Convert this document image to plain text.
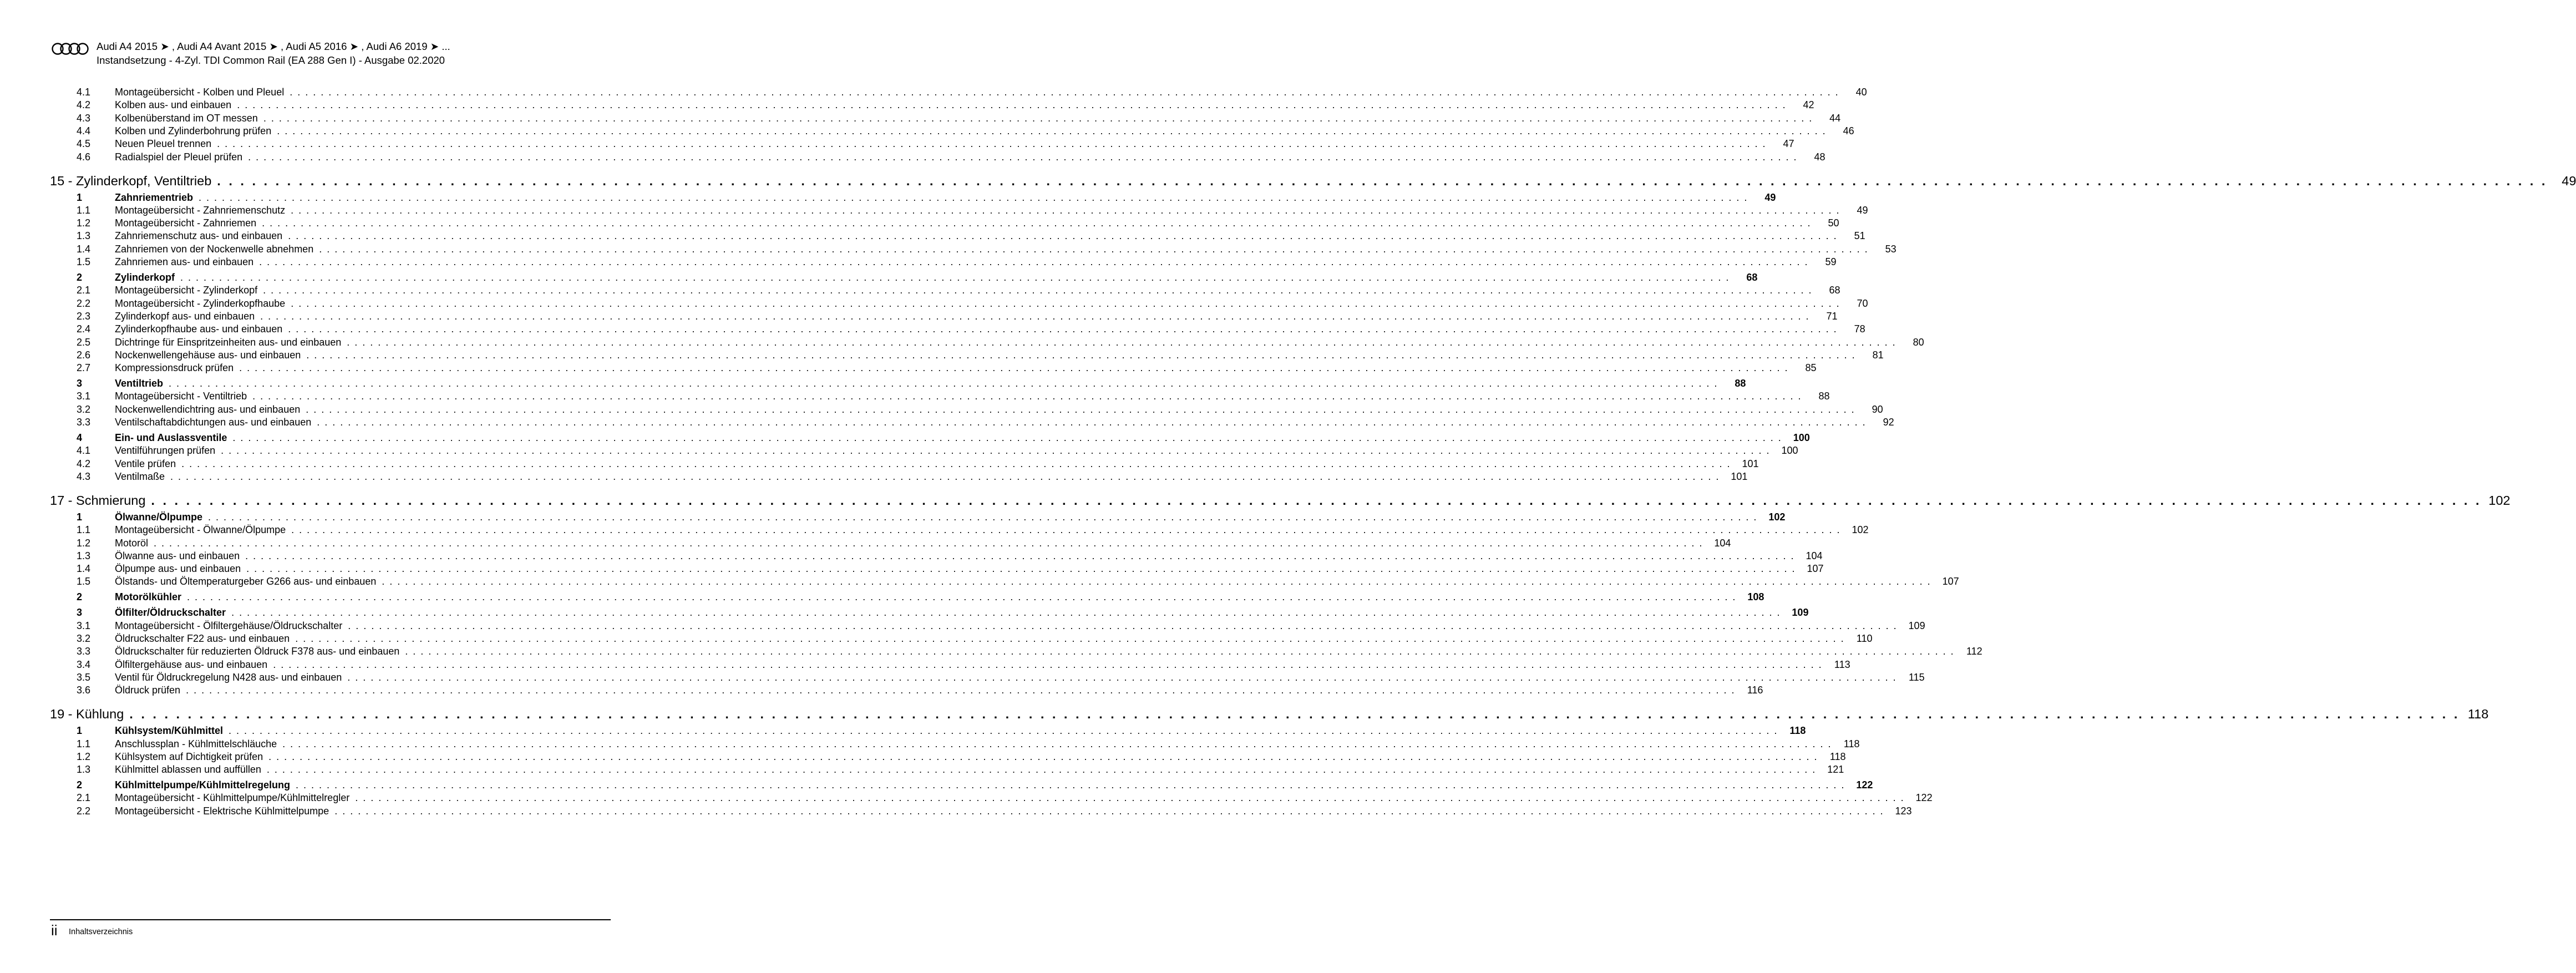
Audi A4 2015 ➤ , Audi A4 Avant 2015 ➤ , Audi A5 2016 ➤ , Audi A6 2019 ➤ ...
Instandsetzung - 4-Zyl. TDI Common Rail (EA 288 Gen I) - Ausgabe 02.2020
4.1 Montageübersicht - Kolben und Pleuel . . . . . . . . . . . . . . . . . . . . . . . . . . . . . . . . . . . . . . . . . . . . . . . . . . . . . . . . . . . . . . . . . . . . . . . . . . . . . . . . . . . . . . . . . . . . . . . . . . . . . . . . . . . . . . . . . . . . . . . . . . . . . . . . . . . . . . . . . . . . . . . . . . . . . . . . . . . . . . . . . . . . . . . . . . . . . . . . . . . . . . . . . . . . . . . . . . . . . . . .	40
4.2 Kolben aus- und einbauen . . . . . . . . . . . . . . . . . . . . . . . . . . . . . . . . . . . . . . . . . . . . . . . . . . . . . . . . . . . . . . . . . . . . . . . . . . . . . . . . . . . . . . . . . . . . . . . . . . . . . . . . . . . . . . . . . . . . . . . . . . . . . . . . . . . . . . . . . . . . . . . . . . . . . . . . . . . . . . . . . . . . . . . . . . . . . . . . . . . . . . . . . . . . . . . . . . . . . . . .	42
4.3 Kolbenüberstand im OT messen . . . . . . . . . . . . . . . . . . . . . . . . . . . . . . . . . . . . . . . . . . . . . . . . . . . . . . . . . . . . . . . . . . . . . . . . . . . . . . . . . . . . . . . . . . . . . . . . . . . . . . . . . . . . . . . . . . . . . . . . . . . . . . . . . . . . . . . . . . . . . . . . . . . . . . . . . . . . . . . . . . . . . . . . . . . . . . . . . . . . . . . . . . . . . . . . . . . . . . . .	44
4.4 Kolben und Zylinderbohrung prüfen . . . . . . . . . . . . . . . . . . . . . . . . . . . . . . . . . . . . . . . . . . . . . . . . . . . . . . . . . . . . . . . . . . . . . . . . . . . . . . . . . . . . . . . . . . . . . . . . . . . . . . . . . . . . . . . . . . . . . . . . . . . . . . . . . . . . . . . . . . . . . . . . . . . . . . . . . . . . . . . . . . . . . . . . . . . . . . . . . . . . . . . . . . . . . . . . . . . . . . . .	46
4.5 Neuen Pleuel trennen . . . . . . . . . . . . . . . . . . . . . . . . . . . . . . . . . . . . . . . . . . . . . . . . . . . . . . . . . . . . . . . . . . . . . . . . . . . . . . . . . . . . . . . . . . . . . . . . . . . . . . . . . . . . . . . . . . . . . . . . . . . . . . . . . . . . . . . . . . . . . . . . . . . . . . . . . . . . . . . . . . . . . . . . . . . . . . . . . . . . . . . . . . . . . . . . . . . . . . . .	47
4.6 Radialspiel der Pleuel prüfen . . . . . . . . . . . . . . . . . . . . . . . . . . . . . . . . . . . . . . . . . . . . . . . . . . . . . . . . . . . . . . . . . . . . . . . . . . . . . . . . . . . . . . . . . . . . . . . . . . . . . . . . . . . . . . . . . . . . . . . . . . . . . . . . . . . . . . . . . . . . . . . . . . . . . . . . . . . . . . . . . . . . . . . . . . . . . . . . . . . . . . . . . . . . . . . . . . . . . . . .	48
15 - Zylinderkopf, Ventiltrieb . . . . . . . . . . . . . . . . . . . . . . . . . . . . . . . . . . . . . . . . . . . . . . . . . . . . . . . . . . . . . . . . . . . . . . . . . . . . . . . . . . . . . . . . . . . . . . . . . . . . . . . . . . . . . . . . . . . . . . . . . . . . . . . . . . . . . . . . . . . . . . . . . . . . . . . . . . . . . . . . . . . . . . . . . . . . . . . . . . . . . . . . . . . . . . . . . . . . . . . .	49
1	Zahnriementrieb . . . . . . . . . . . . . . . . . . . . . . . . . . . . . . . . . . . . . . . . . . . . . . . . . . . . . . . . . . . . . . . . . . . . . . . . . . . . . . . . . . . . . . . . . . . . . . . . . . . . . . . . . . . . . . . . . . . . . . . . . . . . . . . . . . . . . . . . . . . . . . . . . . . . . . . . . . . . . . . . . . . . . . . . . . . . . . . . . . . . . . . . . . . . . . . . . . . . . . . .	49
1.1 Montageübersicht - Zahnriemenschutz . . . . . . . . . . . . . . . . . . . . . . . . . . . . . . . . . . . . . . . . . . . . . . . . . . . . . . . . . . . . . . . . . . . . . . . . . . . . . . . . . . . . . . . . . . . . . . . . . . . . . . . . . . . . . . . . . . . . . . . . . . . . . . . . . . . . . . . . . . . . . . . . . . . . . . . . . . . . . . . . . . . . . . . . . . . . . . . . . . . . . . . . . . . . . . . . . . . . . . . .	49
1.2 Montageübersicht - Zahnriemen . . . . . . . . . . . . . . . . . . . . . . . . . . . . . . . . . . . . . . . . . . . . . . . . . . . . . . . . . . . . . . . . . . . . . . . . . . . . . . . . . . . . . . . . . . . . . . . . . . . . . . . . . . . . . . . . . . . . . . . . . . . . . . . . . . . . . . . . . . . . . . . . . . . . . . . . . . . . . . . . . . . . . . . . . . . . . . . . . . . . . . . . . . . . . . . . . . . . . . . .	50
1.3 Zahnriemenschutz aus- und einbauen . . . . . . . . . . . . . . . . . . . . . . . . . . . . . . . . . . . . . . . . . . . . . . . . . . . . . . . . . . . . . . . . . . . . . . . . . . . . . . . . . . . . . . . . . . . . . . . . . . . . . . . . . . . . . . . . . . . . . . . . . . . . . . . . . . . . . . . . . . . . . . . . . . . . . . . . . . . . . . . . . . . . . . . . . . . . . . . . . . . . . . . . . . . . . . . . . . . . . . . .	51
1.4 Zahnriemen von der Nockenwelle abnehmen . . . . . . . . . . . . . . . . . . . . . . . . . . . . . . . . . . . . . . . . . . . . . . . . . . . . . . . . . . . . . . . . . . . . . . . . . . . . . . . . . . . . . . . . . . . . . . . . . . . . . . . . . . . . . . . . . . . . . . . . . . . . . . . . . . . . . . . . . . . . . . . . . . . . . . . . . . . . . . . . . . . . . . . . . . . . . . . . . . . . . . . . . . . . . . . . . . . . . . . .	53
1.5 Zahnriemen aus- und einbauen . . . . . . . . . . . . . . . . . . . . . . . . . . . . . . . . . . . . . . . . . . . . . . . . . . . . . . . . . . . . . . . . . . . . . . . . . . . . . . . . . . . . . . . . . . . . . . . . . . . . . . . . . . . . . . . . . . . . . . . . . . . . . . . . . . . . . . . . . . . . . . . . . . . . . . . . . . . . . . . . . . . . . . . . . . . . . . . . . . . . . . . . . . . . . . . . . . . . . . . .	59
2	Zylinderkopf . . . . . . . . . . . . . . . . . . . . . . . . . . . . . . . . . . . . . . . . . . . . . . . . . . . . . . . . . . . . . . . . . . . . . . . . . . . . . . . . . . . . . . . . . . . . . . . . . . . . . . . . . . . . . . . . . . . . . . . . . . . . . . . . . . . . . . . . . . . . . . . . . . . . . . . . . . . . . . . . . . . . . . . . . . . . . . . . . . . . . . . . . . . . . . . . . . . . . . . .	68
2.1 Montageübersicht - Zylinderkopf . . . . . . . . . . . . . . . . . . . . . . . . . . . . . . . . . . . . . . . . . . . . . . . . . . . . . . . . . . . . . . . . . . . . . . . . . . . . . . . . . . . . . . . . . . . . . . . . . . . . . . . . . . . . . . . . . . . . . . . . . . . . . . . . . . . . . . . . . . . . . . . . . . . . . . . . . . . . . . . . . . . . . . . . . . . . . . . . . . . . . . . . . . . . . . . . . . . . . . . .	68
2.2 Montageübersicht - Zylinderkopfhaube . . . . . . . . . . . . . . . . . . . . . . . . . . . . . . . . . . . . . . . . . . . . . . . . . . . . . . . . . . . . . . . . . . . . . . . . . . . . . . . . . . . . . . . . . . . . . . . . . . . . . . . . . . . . . . . . . . . . . . . . . . . . . . . . . . . . . . . . . . . . . . . . . . . . . . . . . . . . . . . . . . . . . . . . . . . . . . . . . . . . . . . . . . . . . . . . . . . . . . . .	70
2.3 Zylinderkopf aus- und einbauen . . . . . . . . . . . . . . . . . . . . . . . . . . . . . . . . . . . . . . . . . . . . . . . . . . . . . . . . . . . . . . . . . . . . . . . . . . . . . . . . . . . . . . . . . . . . . . . . . . . . . . . . . . . . . . . . . . . . . . . . . . . . . . . . . . . . . . . . . . . . . . . . . . . . . . . . . . . . . . . . . . . . . . . . . . . . . . . . . . . . . . . . . . . . . . . . . . . . . . . .	71
2.4 Zylinderkopfhaube aus- und einbauen . . . . . . . . . . . . . . . . . . . . . . . . . . . . . . . . . . . . . . . . . . . . . . . . . . . . . . . . . . . . . . . . . . . . . . . . . . . . . . . . . . . . . . . . . . . . . . . . . . . . . . . . . . . . . . . . . . . . . . . . . . . . . . . . . . . . . . . . . . . . . . . . . . . . . . . . . . . . . . . . . . . . . . . . . . . . . . . . . . . . . . . . . . . . . . . . . . . . . . . .	78
2.5 Dichtringe für Einspritzeinheiten aus- und einbauen . . . . . . . . . . . . . . . . . . . . . . . . . . . . . . . . . . . . . . . . . . . . . . . . . . . . . . . . . . . . . . . . . . . . . . . . . . . . . . . . . . . . . . . . . . . . . . . . . . . . . . . . . . . . . . . . . . . . . . . . . . . . . . . . . . . . . . . . . . . . . . . . . . . . . . . . . . . . . . . . . . . . . . . . . . . . . . . . . . . . . . . . . . . . . . . . . . . . . . . .	80
2.6 Nockenwellengehäuse aus- und einbauen . . . . . . . . . . . . . . . . . . . . . . . . . . . . . . . . . . . . . . . . . . . . . . . . . . . . . . . . . . . . . . . . . . . . . . . . . . . . . . . . . . . . . . . . . . . . . . . . . . . . . . . . . . . . . . . . . . . . . . . . . . . . . . . . . . . . . . . . . . . . . . . . . . . . . . . . . . . . . . . . . . . . . . . . . . . . . . . . . . . . . . . . . . . . . . . . . . . . . . . .	81
2.7 Kompressionsdruck prüfen . . . . . . . . . . . . . . . . . . . . . . . . . . . . . . . . . . . . . . . . . . . . . . . . . . . . . . . . . . . . . . . . . . . . . . . . . . . . . . . . . . . . . . . . . . . . . . . . . . . . . . . . . . . . . . . . . . . . . . . . . . . . . . . . . . . . . . . . . . . . . . . . . . . . . . . . . . . . . . . . . . . . . . . . . . . . . . . . . . . . . . . . . . . . . . . . . . . . . . . .	85
3	Ventiltrieb . . . . . . . . . . . . . . . . . . . . . . . . . . . . . . . . . . . . . . . . . . . . . . . . . . . . . . . . . . . . . . . . . . . . . . . . . . . . . . . . . . . . . . . . . . . . . . . . . . . . . . . . . . . . . . . . . . . . . . . . . . . . . . . . . . . . . . . . . . . . . . . . . . . . . . . . . . . . . . . . . . . . . . . . . . . . . . . . . . . . . . . . . . . . . . . . . . . . . . . .	88
3.1 Montageübersicht - Ventiltrieb . . . . . . . . . . . . . . . . . . . . . . . . . . . . . . . . . . . . . . . . . . . . . . . . . . . . . . . . . . . . . . . . . . . . . . . . . . . . . . . . . . . . . . . . . . . . . . . . . . . . . . . . . . . . . . . . . . . . . . . . . . . . . . . . . . . . . . . . . . . . . . . . . . . . . . . . . . . . . . . . . . . . . . . . . . . . . . . . . . . . . . . . . . . . . . . . . . . . . . . .	88
3.2 Nockenwellendichtring aus- und einbauen . . . . . . . . . . . . . . . . . . . . . . . . . . . . . . . . . . . . . . . . . . . . . . . . . . . . . . . . . . . . . . . . . . . . . . . . . . . . . . . . . . . . . . . . . . . . . . . . . . . . . . . . . . . . . . . . . . . . . . . . . . . . . . . . . . . . . . . . . . . . . . . . . . . . . . . . . . . . . . . . . . . . . . . . . . . . . . . . . . . . . . . . . . . . . . . . . . . . . . . .	90
3.3 Ventilschaftabdichtungen aus- und einbauen . . . . . . . . . . . . . . . . . . . . . . . . . . . . . . . . . . . . . . . . . . . . . . . . . . . . . . . . . . . . . . . . . . . . . . . . . . . . . . . . . . . . . . . . . . . . . . . . . . . . . . . . . . . . . . . . . . . . . . . . . . . . . . . . . . . . . . . . . . . . . . . . . . . . . . . . . . . . . . . . . . . . . . . . . . . . . . . . . . . . . . . . . . . . . . . . . . . . . . . .	92
4	Ein- und Auslassventile . . . . . . . . . . . . . . . . . . . . . . . . . . . . . . . . . . . . . . . . . . . . . . . . . . . . . . . . . . . . . . . . . . . . . . . . . . . . . . . . . . . . . . . . . . . . . . . . . . . . . . . . . . . . . . . . . . . . . . . . . . . . . . . . . . . . . . . . . . . . . . . . . . . . . . . . . . . . . . . . . . . . . . . . . . . . . . . . . . . . . . . . . . . . . . . . . . . . . . . .	100
4.1 Ventilführungen prüfen . . . . . . . . . . . . . . . . . . . . . . . . . . . . . . . . . . . . . . . . . . . . . . . . . . . . . . . . . . . . . . . . . . . . . . . . . . . . . . . . . . . . . . . . . . . . . . . . . . . . . . . . . . . . . . . . . . . . . . . . . . . . . . . . . . . . . . . . . . . . . . . . . . . . . . . . . . . . . . . . . . . . . . . . . . . . . . . . . . . . . . . . . . . . . . . . . . . . . . . .	100
4.2 Ventile prüfen . . . . . . . . . . . . . . . . . . . . . . . . . . . . . . . . . . . . . . . . . . . . . . . . . . . . . . . . . . . . . . . . . . . . . . . . . . . . . . . . . . . . . . . . . . . . . . . . . . . . . . . . . . . . . . . . . . . . . . . . . . . . . . . . . . . . . . . . . . . . . . . . . . . . . . . . . . . . . . . . . . . . . . . . . . . . . . . . . . . . . . . . . . . . . . . . . . . . . . . .	101
4.3 Ventilmaße . . . . . . . . . . . . . . . . . . . . . . . . . . . . . . . . . . . . . . . . . . . . . . . . . . . . . . . . . . . . . . . . . . . . . . . . . . . . . . . . . . . . . . . . . . . . . . . . . . . . . . . . . . . . . . . . . . . . . . . . . . . . . . . . . . . . . . . . . . . . . . . . . . . . . . . . . . . . . . . . . . . . . . . . . . . . . . . . . . . . . . . . . . . . . . . . . . . . . . . .	101
17 - Schmierung . . . . . . . . . . . . . . . . . . . . . . . . . . . . . . . . . . . . . . . . . . . . . . . . . . . . . . . . . . . . . . . . . . . . . . . . . . . . . . . . . . . . . . . . . . . . . . . . . . . . . . . . . . . . . . . . . . . . . . . . . . . . . . . . . . . . . . . . . . . . . . . . . . . . . . . . . . . . . . . . . . . . . . . . . . . . . . . . . . . . . . . . . . . . . . . . . . . . . . . . 102
1	Ölwanne/Ölpumpe . . . . . . . . . . . . . . . . . . . . . . . . . . . . . . . . . . . . . . . . . . . . . . . . . . . . . . . . . . . . . . . . . . . . . . . . . . . . . . . . . . . . . . . . . . . . . . . . . . . . . . . . . . . . . . . . . . . . . . . . . . . . . . . . . . . . . . . . . . . . . . . . . . . . . . . . . . . . . . . . . . . . . . . . . . . . . . . . . . . . . . . . . . . . . . . . . . . . . . . .	102
1.1 Montageübersicht - Ölwanne/Ölpumpe . . . . . . . . . . . . . . . . . . . . . . . . . . . . . . . . . . . . . . . . . . . . . . . . . . . . . . . . . . . . . . . . . . . . . . . . . . . . . . . . . . . . . . . . . . . . . . . . . . . . . . . . . . . . . . . . . . . . . . . . . . . . . . . . . . . . . . . . . . . . . . . . . . . . . . . . . . . . . . . . . . . . . . . . . . . . . . . . . . . . . . . . . . . . . . . . . . . . . . . .	102
1.2 Motoröl . . . . . . . . . . . . . . . . . . . . . . . . . . . . . . . . . . . . . . . . . . . . . . . . . . . . . . . . . . . . . . . . . . . . . . . . . . . . . . . . . . . . . . . . . . . . . . . . . . . . . . . . . . . . . . . . . . . . . . . . . . . . . . . . . . . . . . . . . . . . . . . . . . . . . . . . . . . . . . . . . . . . . . . . . . . . . . . . . . . . . . . . . . . . . . . . . . . . . . . .	104
1.3 Ölwanne aus- und einbauen . . . . . . . . . . . . . . . . . . . . . . . . . . . . . . . . . . . . . . . . . . . . . . . . . . . . . . . . . . . . . . . . . . . . . . . . . . . . . . . . . . . . . . . . . . . . . . . . . . . . . . . . . . . . . . . . . . . . . . . . . . . . . . . . . . . . . . . . . . . . . . . . . . . . . . . . . . . . . . . . . . . . . . . . . . . . . . . . . . . . . . . . . . . . . . . . . . . . . . . .	104
1.4 Ölpumpe aus- und einbauen . . . . . . . . . . . . . . . . . . . . . . . . . . . . . . . . . . . . . . . . . . . . . . . . . . . . . . . . . . . . . . . . . . . . . . . . . . . . . . . . . . . . . . . . . . . . . . . . . . . . . . . . . . . . . . . . . . . . . . . . . . . . . . . . . . . . . . . . . . . . . . . . . . . . . . . . . . . . . . . . . . . . . . . . . . . . . . . . . . . . . . . . . . . . . . . . . . . . . . . .	107
1.5 Ölstands- und Öltemperaturgeber G266 aus- und einbauen . . . . . . . . . . . . . . . . . . . . . . . . . . . . . . . . . . . . . . . . . . . . . . . . . . . . . . . . . . . . . . . . . . . . . . . . . . . . . . . . . . . . . . . . . . . . . . . . . . . . . . . . . . . . . . . . . . . . . . . . . . . . . . . . . . . . . . . . . . . . . . . . . . . . . . . . . . . . . . . . . . . . . . . . . . . . . . . . . . . . . . . . . . . . . . . . . . . . . . . .	107
2	Motorölkühler . . . . . . . . . . . . . . . . . . . . . . . . . . . . . . . . . . . . . . . . . . . . . . . . . . . . . . . . . . . . . . . . . . . . . . . . . . . . . . . . . . . . . . . . . . . . . . . . . . . . . . . . . . . . . . . . . . . . . . . . . . . . . . . . . . . . . . . . . . . . . . . . . . . . . . . . . . . . . . . . . . . . . . . . . . . . . . . . . . . . . . . . . . . . . . . . . . . . . . . .	108
3	Ölfilter/Öldruckschalter . . . . . . . . . . . . . . . . . . . . . . . . . . . . . . . . . . . . . . . . . . . . . . . . . . . . . . . . . . . . . . . . . . . . . . . . . . . . . . . . . . . . . . . . . . . . . . . . . . . . . . . . . . . . . . . . . . . . . . . . . . . . . . . . . . . . . . . . . . . . . . . . . . . . . . . . . . . . . . . . . . . . . . . . . . . . . . . . . . . . . . . . . . . . . . . . . . . . . . . .	109
3.1 Montageübersicht - Ölfiltergehäuse/Öldruckschalter . . . . . . . . . . . . . . . . . . . . . . . . . . . . . . . . . . . . . . . . . . . . . . . . . . . . . . . . . . . . . . . . . . . . . . . . . . . . . . . . . . . . . . . . . . . . . . . . . . . . . . . . . . . . . . . . . . . . . . . . . . . . . . . . . . . . . . . . . . . . . . . . . . . . . . . . . . . . . . . . . . . . . . . . . . . . . . . . . . . . . . . . . . . . . . . . . . . . . . . .	109
3.2 Öldruckschalter F22 aus- und einbauen . . . . . . . . . . . . . . . . . . . . . . . . . . . . . . . . . . . . . . . . . . . . . . . . . . . . . . . . . . . . . . . . . . . . . . . . . . . . . . . . . . . . . . . . . . . . . . . . . . . . . . . . . . . . . . . . . . . . . . . . . . . . . . . . . . . . . . . . . . . . . . . . . . . . . . . . . . . . . . . . . . . . . . . . . . . . . . . . . . . . . . . . . . . . . . . . . . . . . . . .	110
3.3 Öldruckschalter für reduzierten Öldruck F378 aus- und einbauen . . . . . . . . . . . . . . . . . . . . . . . . . . . . . . . . . . . . . . . . . . . . . . . . . . . . . . . . . . . . . . . . . . . . . . . . . . . . . . . . . . . . . . . . . . . . . . . . . . . . . . . . . . . . . . . . . . . . . . . . . . . . . . . . . . . . . . . . . . . . . . . . . . . . . . . . . . . . . . . . . . . . . . . . . . . . . . . . . . . . . . . . . . . . . . . . . . . . . . . .	112
3.4 Ölfiltergehäuse aus- und einbauen . . . . . . . . . . . . . . . . . . . . . . . . . . . . . . . . . . . . . . . . . . . . . . . . . . . . . . . . . . . . . . . . . . . . . . . . . . . . . . . . . . . . . . . . . . . . . . . . . . . . . . . . . . . . . . . . . . . . . . . . . . . . . . . . . . . . . . . . . . . . . . . . . . . . . . . . . . . . . . . . . . . . . . . . . . . . . . . . . . . . . . . . . . . . . . . . . . . . . . . .	113
3.5 Ventil für Öldruckregelung N428 aus- und einbauen . . . . . . . . . . . . . . . . . . . . . . . . . . . . . . . . . . . . . . . . . . . . . . . . . . . . . . . . . . . . . . . . . . . . . . . . . . . . . . . . . . . . . . . . . . . . . . . . . . . . . . . . . . . . . . . . . . . . . . . . . . . . . . . . . . . . . . . . . . . . . . . . . . . . . . . . . . . . . . . . . . . . . . . . . . . . . . . . . . . . . . . . . . . . . . . . . . . . . . . .	115
3.6 Öldruck prüfen . . . . . . . . . . . . . . . . . . . . . . . . . . . . . . . . . . . . . . . . . . . . . . . . . . . . . . . . . . . . . . . . . . . . . . . . . . . . . . . . . . . . . . . . . . . . . . . . . . . . . . . . . . . . . . . . . . . . . . . . . . . . . . . . . . . . . . . . . . . . . . . . . . . . . . . . . . . . . . . . . . . . . . . . . . . . . . . . . . . . . . . . . . . . . . . . . . . . . . . .	116
19 - Kühlung . . . . . . . . . . . . . . . . . . . . . . . . . . . . . . . . . . . . . . . . . . . . . . . . . . . . . . . . . . . . . . . . . . . . . . . . . . . . . . . . . . . . . . . . . . . . . . . . . . . . . . . . . . . . . . . . . . . . . . . . . . . . . . . . . . . . . . . . . . . . . . . . . . . . . . . . . . . . . . . . . . . . . . . . . . . . . . . . . . . . . . . . . . . . . . . . . . . . . . . . 118
1	Kühlsystem/Kühlmittel . . . . . . . . . . . . . . . . . . . . . . . . . . . . . . . . . . . . . . . . . . . . . . . . . . . . . . . . . . . . . . . . . . . . . . . . . . . . . . . . . . . . . . . . . . . . . . . . . . . . . . . . . . . . . . . . . . . . . . . . . . . . . . . . . . . . . . . . . . . . . . . . . . . . . . . . . . . . . . . . . . . . . . . . . . . . . . . . . . . . . . . . . . . . . . . . . . . . . . . .	118
1.1 Anschlussplan - Kühlmittelschläuche . . . . . . . . . . . . . . . . . . . . . . . . . . . . . . . . . . . . . . . . . . . . . . . . . . . . . . . . . . . . . . . . . . . . . . . . . . . . . . . . . . . . . . . . . . . . . . . . . . . . . . . . . . . . . . . . . . . . . . . . . . . . . . . . . . . . . . . . . . . . . . . . . . . . . . . . . . . . . . . . . . . . . . . . . . . . . . . . . . . . . . . . . . . . . . . . . . . . . . . .	118
1.2 Kühlsystem auf Dichtigkeit prüfen . . . . . . . . . . . . . . . . . . . . . . . . . . . . . . . . . . . . . . . . . . . . . . . . . . . . . . . . . . . . . . . . . . . . . . . . . . . . . . . . . . . . . . . . . . . . . . . . . . . . . . . . . . . . . . . . . . . . . . . . . . . . . . . . . . . . . . . . . . . . . . . . . . . . . . . . . . . . . . . . . . . . . . . . . . . . . . . . . . . . . . . . . . . . . . . . . . . . . . . .	118
1.3 Kühlmittel ablassen und auffüllen . . . . . . . . . . . . . . . . . . . . . . . . . . . . . . . . . . . . . . . . . . . . . . . . . . . . . . . . . . . . . . . . . . . . . . . . . . . . . . . . . . . . . . . . . . . . . . . . . . . . . . . . . . . . . . . . . . . . . . . . . . . . . . . . . . . . . . . . . . . . . . . . . . . . . . . . . . . . . . . . . . . . . . . . . . . . . . . . . . . . . . . . . . . . . . . . . . . . . . . .	121
2	Kühlmittelpumpe/Kühlmittelregelung . . . . . . . . . . . . . . . . . . . . . . . . . . . . . . . . . . . . . . . . . . . . . . . . . . . . . . . . . . . . . . . . . . . . . . . . . . . . . . . . . . . . . . . . . . . . . . . . . . . . . . . . . . . . . . . . . . . . . . . . . . . . . . . . . . . . . . . . . . . . . . . . . . . . . . . . . . . . . . . . . . . . . . . . . . . . . . . . . . . . . . . . . . . . . . . . . . . . . . . .	122
2.1 Montageübersicht - Kühlmittelpumpe/Kühlmittelregler . . . . . . . . . . . . . . . . . . . . . . . . . . . . . . . . . . . . . . . . . . . . . . . . . . . . . . . . . . . . . . . . . . . . . . . . . . . . . . . . . . . . . . . . . . . . . . . . . . . . . . . . . . . . . . . . . . . . . . . . . . . . . . . . . . . . . . . . . . . . . . . . . . . . . . . . . . . . . . . . . . . . . . . . . . . . . . . . . . . . . . . . . . . . . . . . . . . . . . . .	122
2.2 Montageübersicht - Elektrische Kühlmittelpumpe . . . . . . . . . . . . . . . . . . . . . . . . . . . . . . . . . . . . . . . . . . . . . . . . . . . . . . . . . . . . . . . . . . . . . . . . . . . . . . . . . . . . . . . . . . . . . . . . . . . . . . . . . . . . . . . . . . . . . . . . . . . . . . . . . . . . . . . . . . . . . . . . . . . . . . . . . . . . . . . . . . . . . . . . . . . . . . . . . . . . . . . . . . . . . . . . . . . . . . . .	123
ii Inhaltsverzeichnis
